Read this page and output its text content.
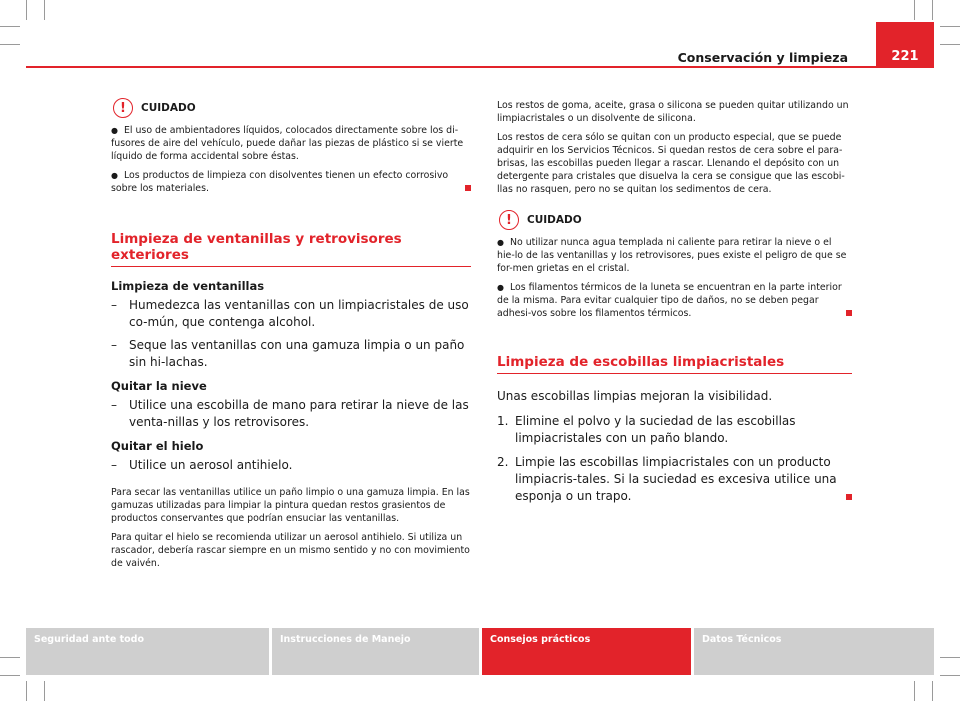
Conservación y limpieza	221
!	CUIDADO

● El uso de ambientadores líquidos, colocados directamente sobre los di-fusores de aire del vehículo, puede dañar las piezas de plástico si se vierte líquido de forma accidental sobre éstas.

● Los productos de limpieza con disolventes tienen un efecto corrosivo sobre los materiales.

Limpieza de ventanillas y retrovisores exteriores

Limpieza de ventanillas

–	Humedezca las ventanillas con un limpiacristales de uso co-mún, que contenga alcohol.
–	Seque las ventanillas con una gamuza limpia o un paño sin hi-lachas.

Quitar la nieve

–	Utilice una escobilla de mano para retirar la nieve de las venta-nillas y los retrovisores.

Quitar el hielo

–	Utilice un aerosol antihielo.

Para secar las ventanillas utilice un paño limpio o una gamuza limpia. En las gamuzas utilizadas para limpiar la pintura quedan restos grasientos de productos conservantes que podrían ensuciar las ventanillas.

Para quitar el hielo se recomienda utilizar un aerosol antihielo. Si utiliza un rascador, debería rascar siempre en un mismo sentido y no con movimiento de vaivén.

Los restos de goma, aceite, grasa o silicona se pueden quitar utilizando un limpiacristales o un disolvente de silicona.

Los restos de cera sólo se quitan con un producto especial, que se puede adquirir en los Servicios Técnicos. Si quedan restos de cera sobre el para-brisas, las escobillas pueden llegar a rascar. Llenando el depósito con un detergente para cristales que disuelva la cera se consigue que las escobi-llas no rasquen, pero no se quitan los sedimentos de cera.

!	CUIDADO

● No utilizar nunca agua templada ni caliente para retirar la nieve o el hie-lo de las ventanillas y los retrovisores, pues existe el peligro de que se for-men grietas en el cristal.

● Los filamentos térmicos de la luneta se encuentran en la parte interior de la misma. Para evitar cualquier tipo de daños, no se deben pegar adhesi-vos sobre los filamentos térmicos.

Limpieza de escobillas limpiacristales

Unas escobillas limpias mejoran la visibilidad.

1. Elimine el polvo y la suciedad de las escobillas limpiacristales con un paño blando.
2. Limpie las escobillas limpiacristales con un producto limpiacris-tales. Si la suciedad es excesiva utilice una esponja o un trapo.
Seguridad ante todo	Instrucciones de Manejo	Consejos prácticos	Datos Técnicos
